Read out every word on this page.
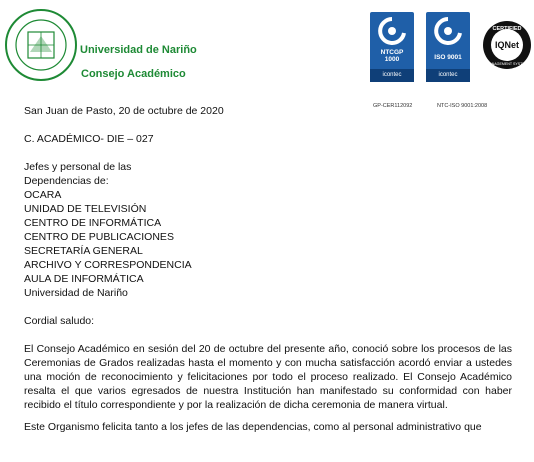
Universidad de Nariño
Consejo Académico
NTCGP
1000
icontec
ISO 9001
icontec
CERTIFIED
IQNet
MANAGEMENT SYSTEM
GP-CER112092	NTC-ISO 9001:2008

San Juan de Pasto, 20 de octubre de 2020

C. ACADÉMICO- DIE – 027

Jefes y personal de las

Dependencias de:

OCARA

UNIDAD DE TELEVISIÓN

CENTRO DE INFORMÁTICA

CENTRO DE PUBLICACIONES

SECRETARÍA GENERAL

ARCHIVO Y CORRESPONDENCIA

AULA DE INFORMÁTICA

Universidad de Nariño

Cordial saludo:

El Consejo Académico en sesión del 20 de octubre del presente año, conoció sobre los procesos de las Ceremonias de Grados realizadas hasta el momento y con mucha satisfacción acordó enviar a ustedes una moción de reconocimiento y felicitaciones por todo el proceso realizado. El Consejo Académico resalta el que varios egresados de nuestra Institución han manifestado su conformidad con haber recibido el título correspondiente y por la realización de dicha ceremonia de manera virtual.

Este Organismo felicita tanto a los jefes de las dependencias, como al personal administrativo que
